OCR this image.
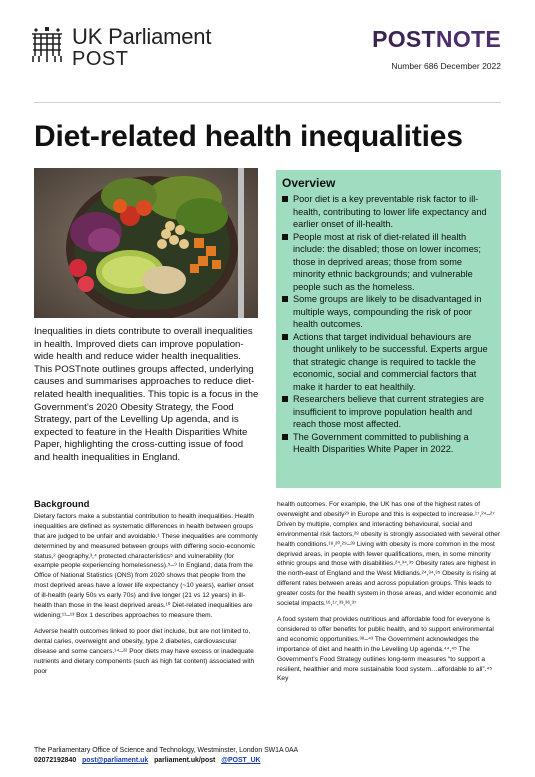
UK Parliament
POST
POSTNOTE
Number 686 December 2022
Diet-related health inequalities

Inequalities in diets contribute to overall inequalities in health. Improved diets can improve population-wide health and reduce wider health inequalities. This POSTnote outlines groups affected, underlying causes and summarises approaches to reduce diet-related health inequalities. This topic is a focus in the Government’s 2020 Obesity Strategy, the Food Strategy, part of the Levelling Up agenda, and is expected to feature in the Health Disparities White Paper, highlighting the cross-cutting issue of food and health inequalities in England.

Overview
Poor diet is a key preventable risk factor to ill-health, contributing to lower life expectancy and earlier onset of ill-health.
People most at risk of diet-related ill health include: the disabled; those on lower incomes; those in deprived areas; those from some minority ethnic backgrounds; and vulnerable people such as the homeless.
Some groups are likely to be disadvantaged in multiple ways, compounding the risk of poor health outcomes.
Actions that target individual behaviours are thought unlikely to be successful. Experts argue that strategic change is required to tackle the economic, social and commercial factors that make it harder to eat healthily.
Researchers believe that current strategies are insufficient to improve population health and reach those most affected.
The Government committed to publishing a Health Disparities White Paper in 2022.
Background

Dietary factors make a substantial contribution to health inequalities. Health inequalities are defined as systematic differences in health between groups that are judged to be unfair and avoidable.¹ These inequalities are commonly determined by and measured between groups with differing socio-economic status,² geography,³,⁴ protected characteristics⁵ and vulnerability (for example people experiencing homelessness).⁵–⁹ In England, data from the Office of National Statistics (ONS) from 2020 shows that people from the most deprived areas have a lower life expectancy (~10 years), earlier onset of ill-health (early 50s vs early 70s) and live longer (21 vs 12 years) in ill-health than those in the least deprived areas.¹⁰ Diet-related inequalities are widening;¹¹–¹³ Box 1 describes approaches to measure them.

Adverse health outcomes linked to poor diet include, but are not limited to, dental caries, overweight and obesity, type 2 diabetes, cardiovascular disease and some cancers.¹⁴–²² Poor diets may have excess or inadequate nutrients and dietary components (such as high fat content) associated with poor

health outcomes. For example, the UK has one of the highest rates of overweight and obesity²³ in Europe and this is expected to increase.¹⁷,²⁴–²⁷ Driven by multiple, complex and interacting behavioural, social and environmental risk factors,²⁸ obesity is strongly associated with several other health conditions.¹⁸,²⁰,²⁹–³³ Living with obesity is more common in the most deprived areas, in people with fewer qualifications, men, in some minority ethnic groups and those with disabilities.²⁴,³⁴,³⁵ Obesity rates are highest in the north-east of England and the West Midlands.²⁴,³⁴,³⁵ Obesity is rising at different rates between areas and across population groups. This leads to greater costs for the health system in those areas, and wider economic and societal impacts.¹⁶,¹⁷,³³,³⁶,³⁷

A food system that provides nutritious and affordable food for everyone is considered to offer benefits for public health, and to support environmental and economic opportunities.³⁸–⁴³ The Government acknowledges the importance of diet and health in the Levelling Up agenda.⁴⁴,⁴⁵ The Government’s Food Strategy outlines long-term measures “to support a resilient, healthier and more sustainable food system…affordable to all”.⁴⁵ Key

The Parliamentary Office of Science and Technology, Westminster, London SW1A 0AA
02072192840 post@parliament.uk parliament.uk/post @POST_UK
